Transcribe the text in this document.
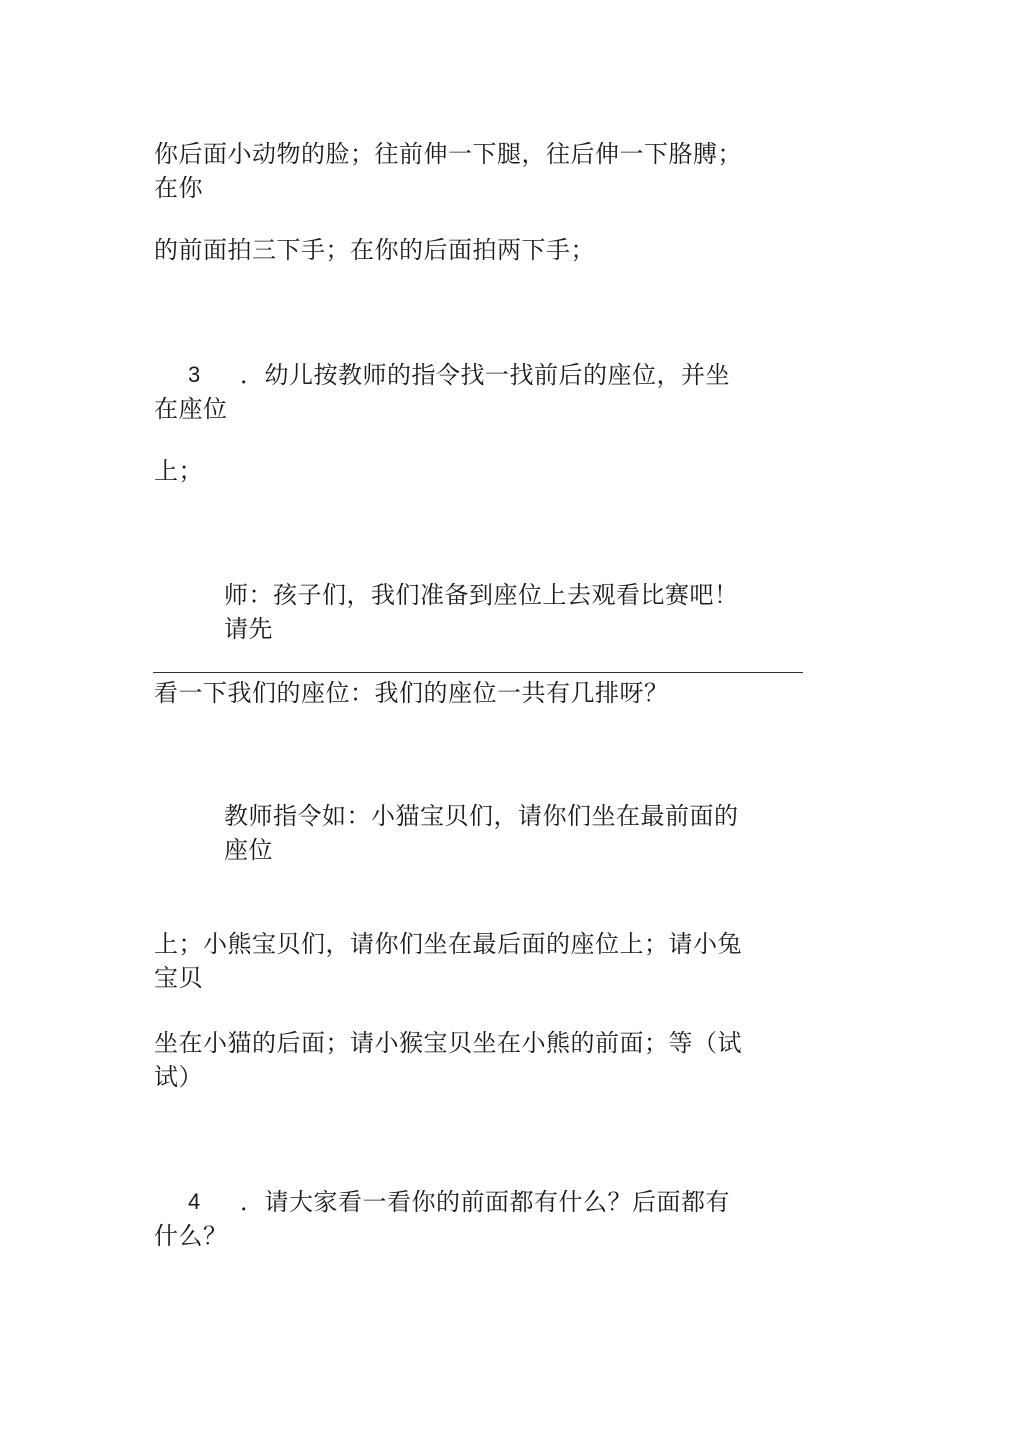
你后面小动物的脸；往前伸一下腿，往后伸一下胳膊；
在你
的前面拍三下手；在你的后面拍两下手；
3 ．幼儿按教师的指令找一找前后的座位，并坐
在座位
上；
师：孩子们，我们准备到座位上去观看比赛吧！
请先
看一下我们的座位：我们的座位一共有几排呀？
教师指令如：小猫宝贝们，请你们坐在最前面的
座位
上；小熊宝贝们，请你们坐在最后面的座位上；请小兔
宝贝
坐在小猫的后面；请小猴宝贝坐在小熊的前面；等（试
试）
4 ．请大家看一看你的前面都有什么？后面都有
什么？
